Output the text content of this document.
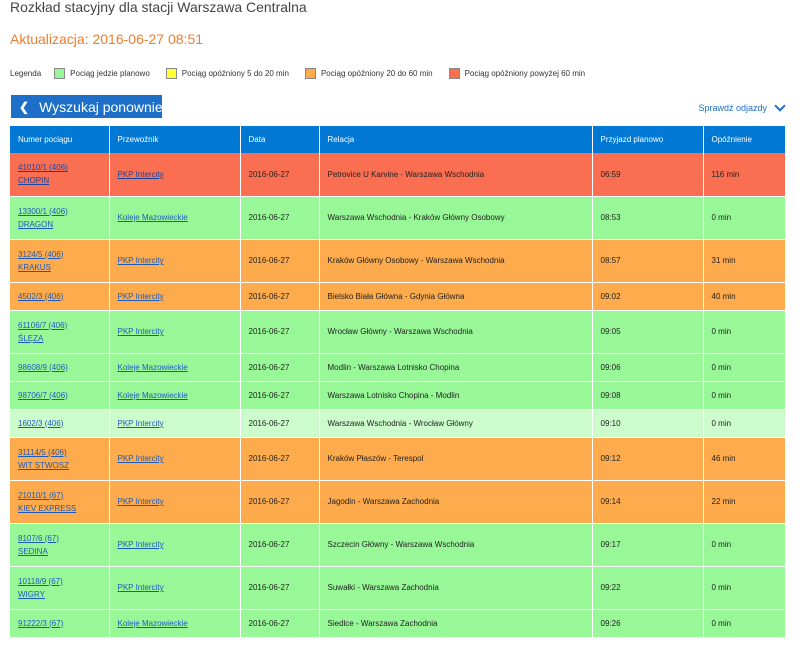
Rozkład stacyjny dla stacji Warszawa Centralna
Aktualizacja: 2016-06-27 08:51
Legenda	Pociąg jedzie planowo	Pociąg opóźniony 5 do 20 min	Pociąg opóźniony 20 do 60 min	Pociąg opóźniony powyżej 60 min
❮ Wyszukaj ponownie	Sprawdź odjazdy
Numer pociągu	Przewoźnik	Data	Relacja	Przyjazd planowo	Opóźnienie
41010/1 (406)
CHOPIN	PKP Intercity	2016-06-27	Petrovice U Karvine - Warszawa Wschodnia	06:59	116 min
13300/1 (406)
DRAGON	Koleje Mazowieckie	2016-06-27	Warszawa Wschodnia - Kraków Główny Osobowy	08:53	0 min
3124/5 (406)
KRAKUS	PKP Intercity	2016-06-27	Kraków Główny Osobowy - Warszawa Wschodnia	08:57	31 min
4502/3 (406)	PKP Intercity	2016-06-27	Bielsko Biała Główna - Gdynia Główna	09:02	40 min
61106/7 (406)
ŚLĘZA	PKP Intercity	2016-06-27	Wrocław Główny - Warszawa Wschodnia	09:05	0 min
98608/9 (406)	Koleje Mazowieckie	2016-06-27	Modlin - Warszawa Lotnisko Chopina	09:06	0 min
98706/7 (406)	Koleje Mazowieckie	2016-06-27	Warszawa Lotnisko Chopina - Modlin	09:08	0 min
1602/3 (406)	PKP Intercity	2016-06-27	Warszawa Wschodnia - Wrocław Główny	09:10	0 min
31114/5 (406)
WIT STWOSZ	PKP Intercity	2016-06-27	Kraków Płaszów - Terespol	09:12	46 min
21010/1 (67)
KIEV EXPRESS	PKP Intercity	2016-06-27	Jagodin - Warszawa Zachodnia	09:14	22 min
8107/6 (67)
SEDINA	PKP Intercity	2016-06-27	Szczecin Główny - Warszawa Wschodnia	09:17	0 min
10118/9 (67)
WIGRY	PKP Intercity	2016-06-27	Suwałki - Warszawa Zachodnia	09:22	0 min
91222/3 (67)	Koleje Mazowieckie	2016-06-27	Siedlce - Warszawa Zachodnia	09:26	0 min
